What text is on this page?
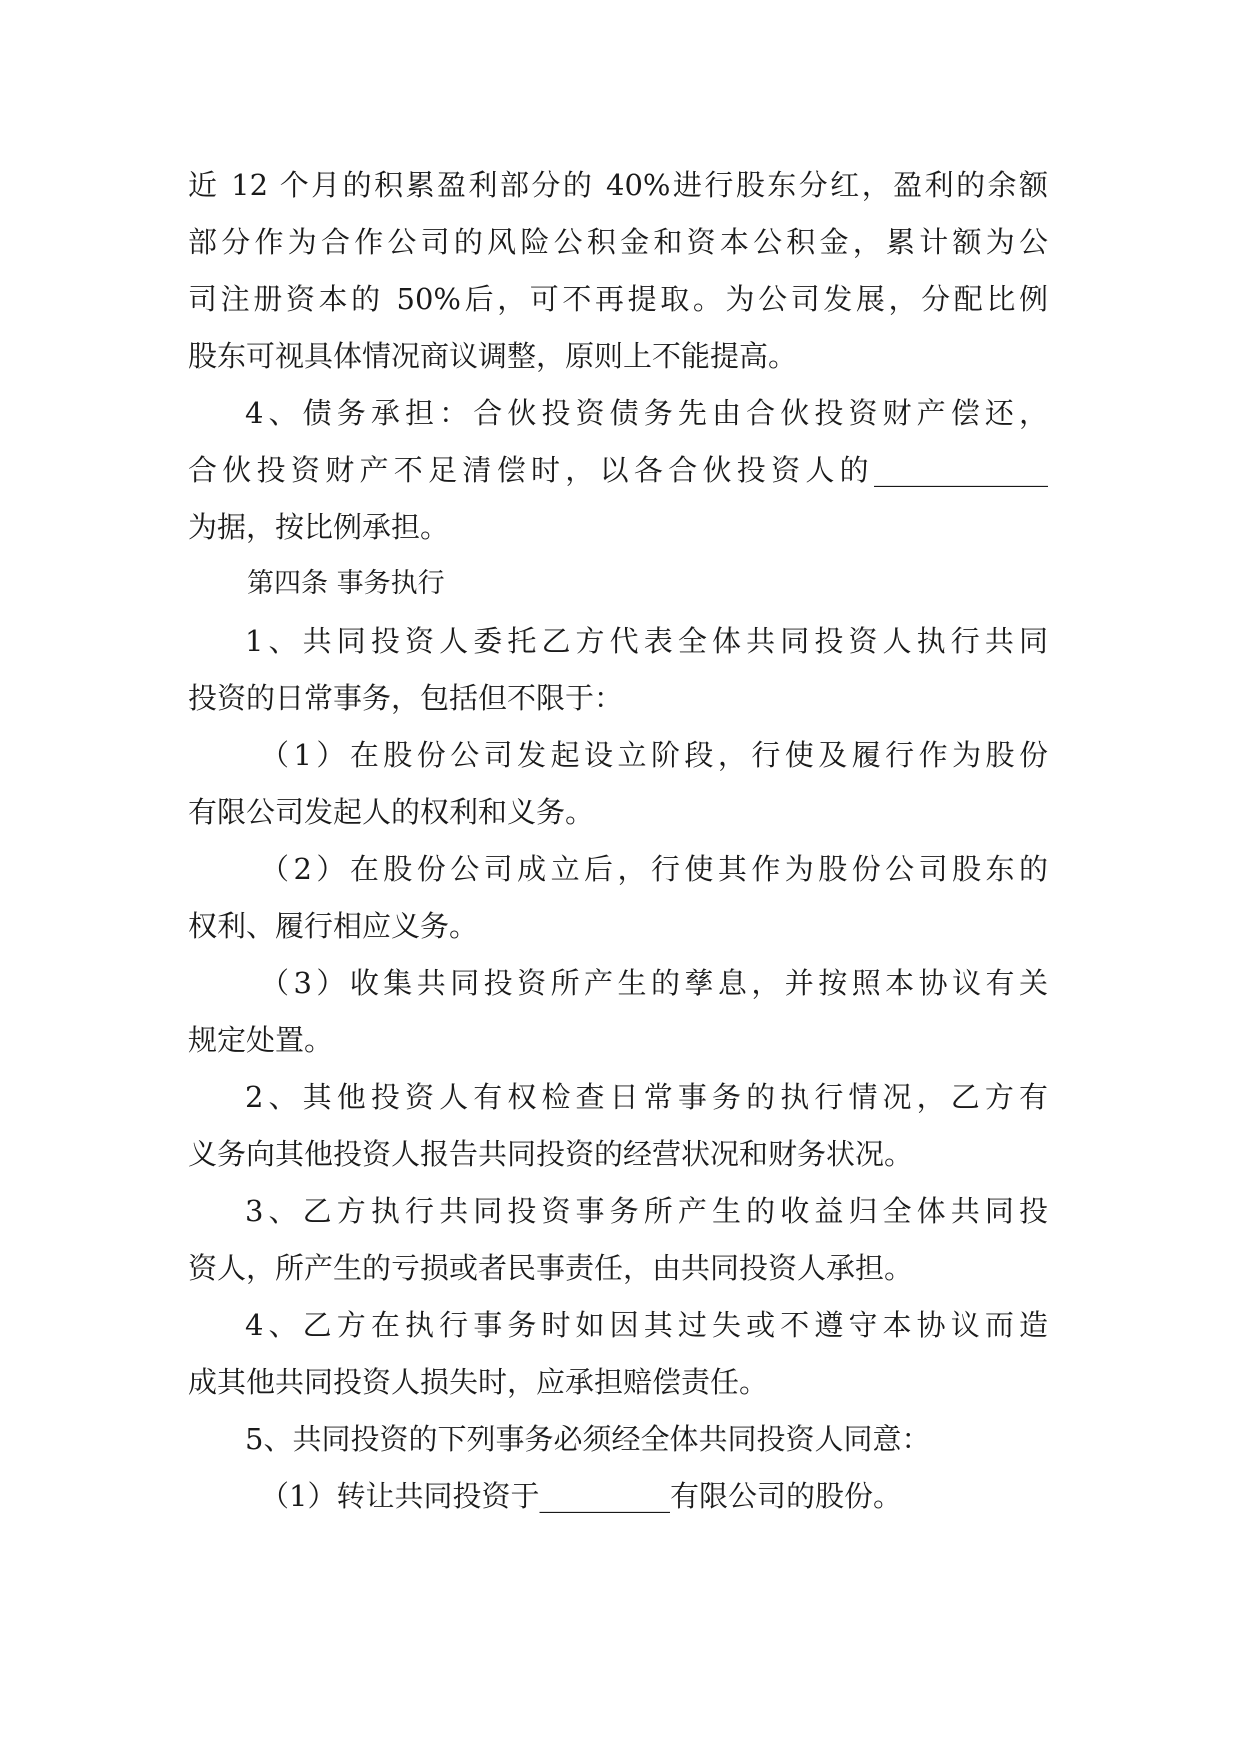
近 12 个月的积累盈利部分的 40%进行股东分红，盈利的余额
部分作为合作公司的风险公积金和资本公积金，累计额为公
司注册资本的 50%后，可不再提取。为公司发展，分配比例
股东可视具体情况商议调整，原则上不能提高。
4、债务承担：合伙投资债务先由合伙投资财产偿还，
合伙投资财产不足清偿时，以各合伙投资人的____________
为据，按比例承担。
第四条 事务执行
1、共同投资人委托乙方代表全体共同投资人执行共同
投资的日常事务，包括但不限于：
（1）在股份公司发起设立阶段，行使及履行作为股份
有限公司发起人的权利和义务。
（2）在股份公司成立后，行使其作为股份公司股东的
权利、履行相应义务。
（3）收集共同投资所产生的孳息，并按照本协议有关
规定处置。
2、其他投资人有权检查日常事务的执行情况，乙方有
义务向其他投资人报告共同投资的经营状况和财务状况。
3、乙方执行共同投资事务所产生的收益归全体共同投
资人，所产生的亏损或者民事责任，由共同投资人承担。
4、乙方在执行事务时如因其过失或不遵守本协议而造
成其他共同投资人损失时，应承担赔偿责任。
5、共同投资的下列事务必须经全体共同投资人同意：
（1）转让共同投资于_________有限公司的股份。
